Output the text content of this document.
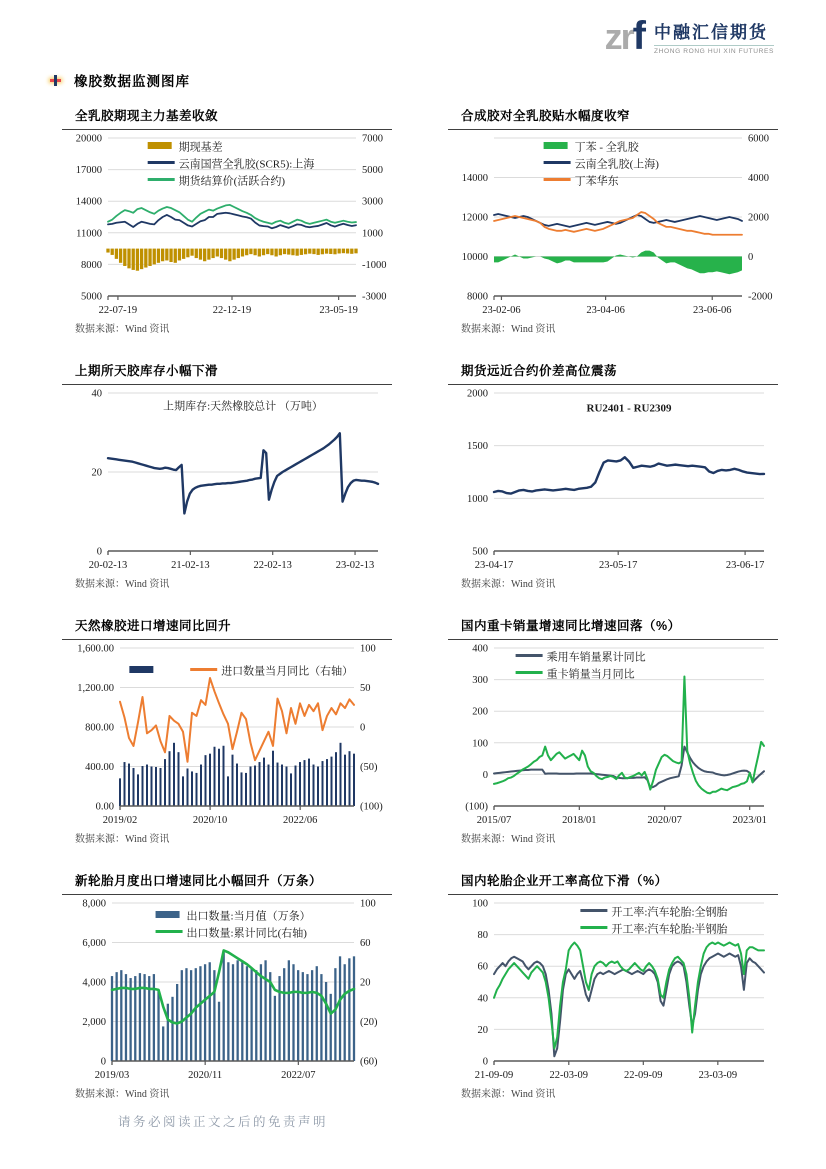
zrf 中融汇信期货
ZHONG RONG HUI XIN FUTURES
橡胶数据监测图库
全乳胶期现主力基差收敛
22-07-19	22-12-19	23-05-19
20000
17000
14000
11000
8000
5000
7000
5000
3000
1000
-1000
-3000
期现基差
云南国营全乳胶(SCR5):上海
期货结算价(活跃合约)

数据来源：Wind 资讯

合成胶对全乳胶贴水幅度收窄
23-02-06	23-04-06	23-06-06
14000
12000
10000
8000
6000
4000
2000
0
-2000
丁苯 - 全乳胶
云南全乳胶(上海)
丁苯华东

数据来源：Wind 资讯

上期所天胶库存小幅下滑
20-02-13	21-02-13	22-02-13	23-02-13
40
20
0
上期库存:天然橡胶总计 （万吨）

数据来源：Wind 资讯

期货远近合约价差高位震荡
23-04-17	23-05-17	23-06-17
2000
1500
1000
500
RU2401 - RU2309

数据来源：Wind 资讯

天然橡胶进口增速同比回升
2019/02	2020/10	2022/06
1,600.00
1,200.00
800.00
400.00
0.00
100
50
0
(50)
(100)
进口数量当月同比（右轴）

数据来源：Wind 资讯

国内重卡销量增速同比增速回落（%）
2015/07	2018/01	2020/07	2023/01
400
300
200
100
0
(100)
乘用车销量累计同比
重卡销量当月同比

数据来源：Wind 资讯

新轮胎月度出口增速同比小幅回升（万条）
2019/03	2020/11	2022/07
8,000
6,000
4,000
2,000
0
100
60
20
(20)
(60)
出口数量:当月值（万条）
出口数量:累计同比(右轴)

数据来源：Wind 资讯

国内轮胎企业开工率高位下滑（%）
21-09-09	22-03-09	22-09-09	23-03-09
100
80
60
40
20
0
开工率:汽车轮胎:全钢胎
开工率:汽车轮胎:半钢胎

数据来源：Wind 资讯

请务必阅读正文之后的免责声明
